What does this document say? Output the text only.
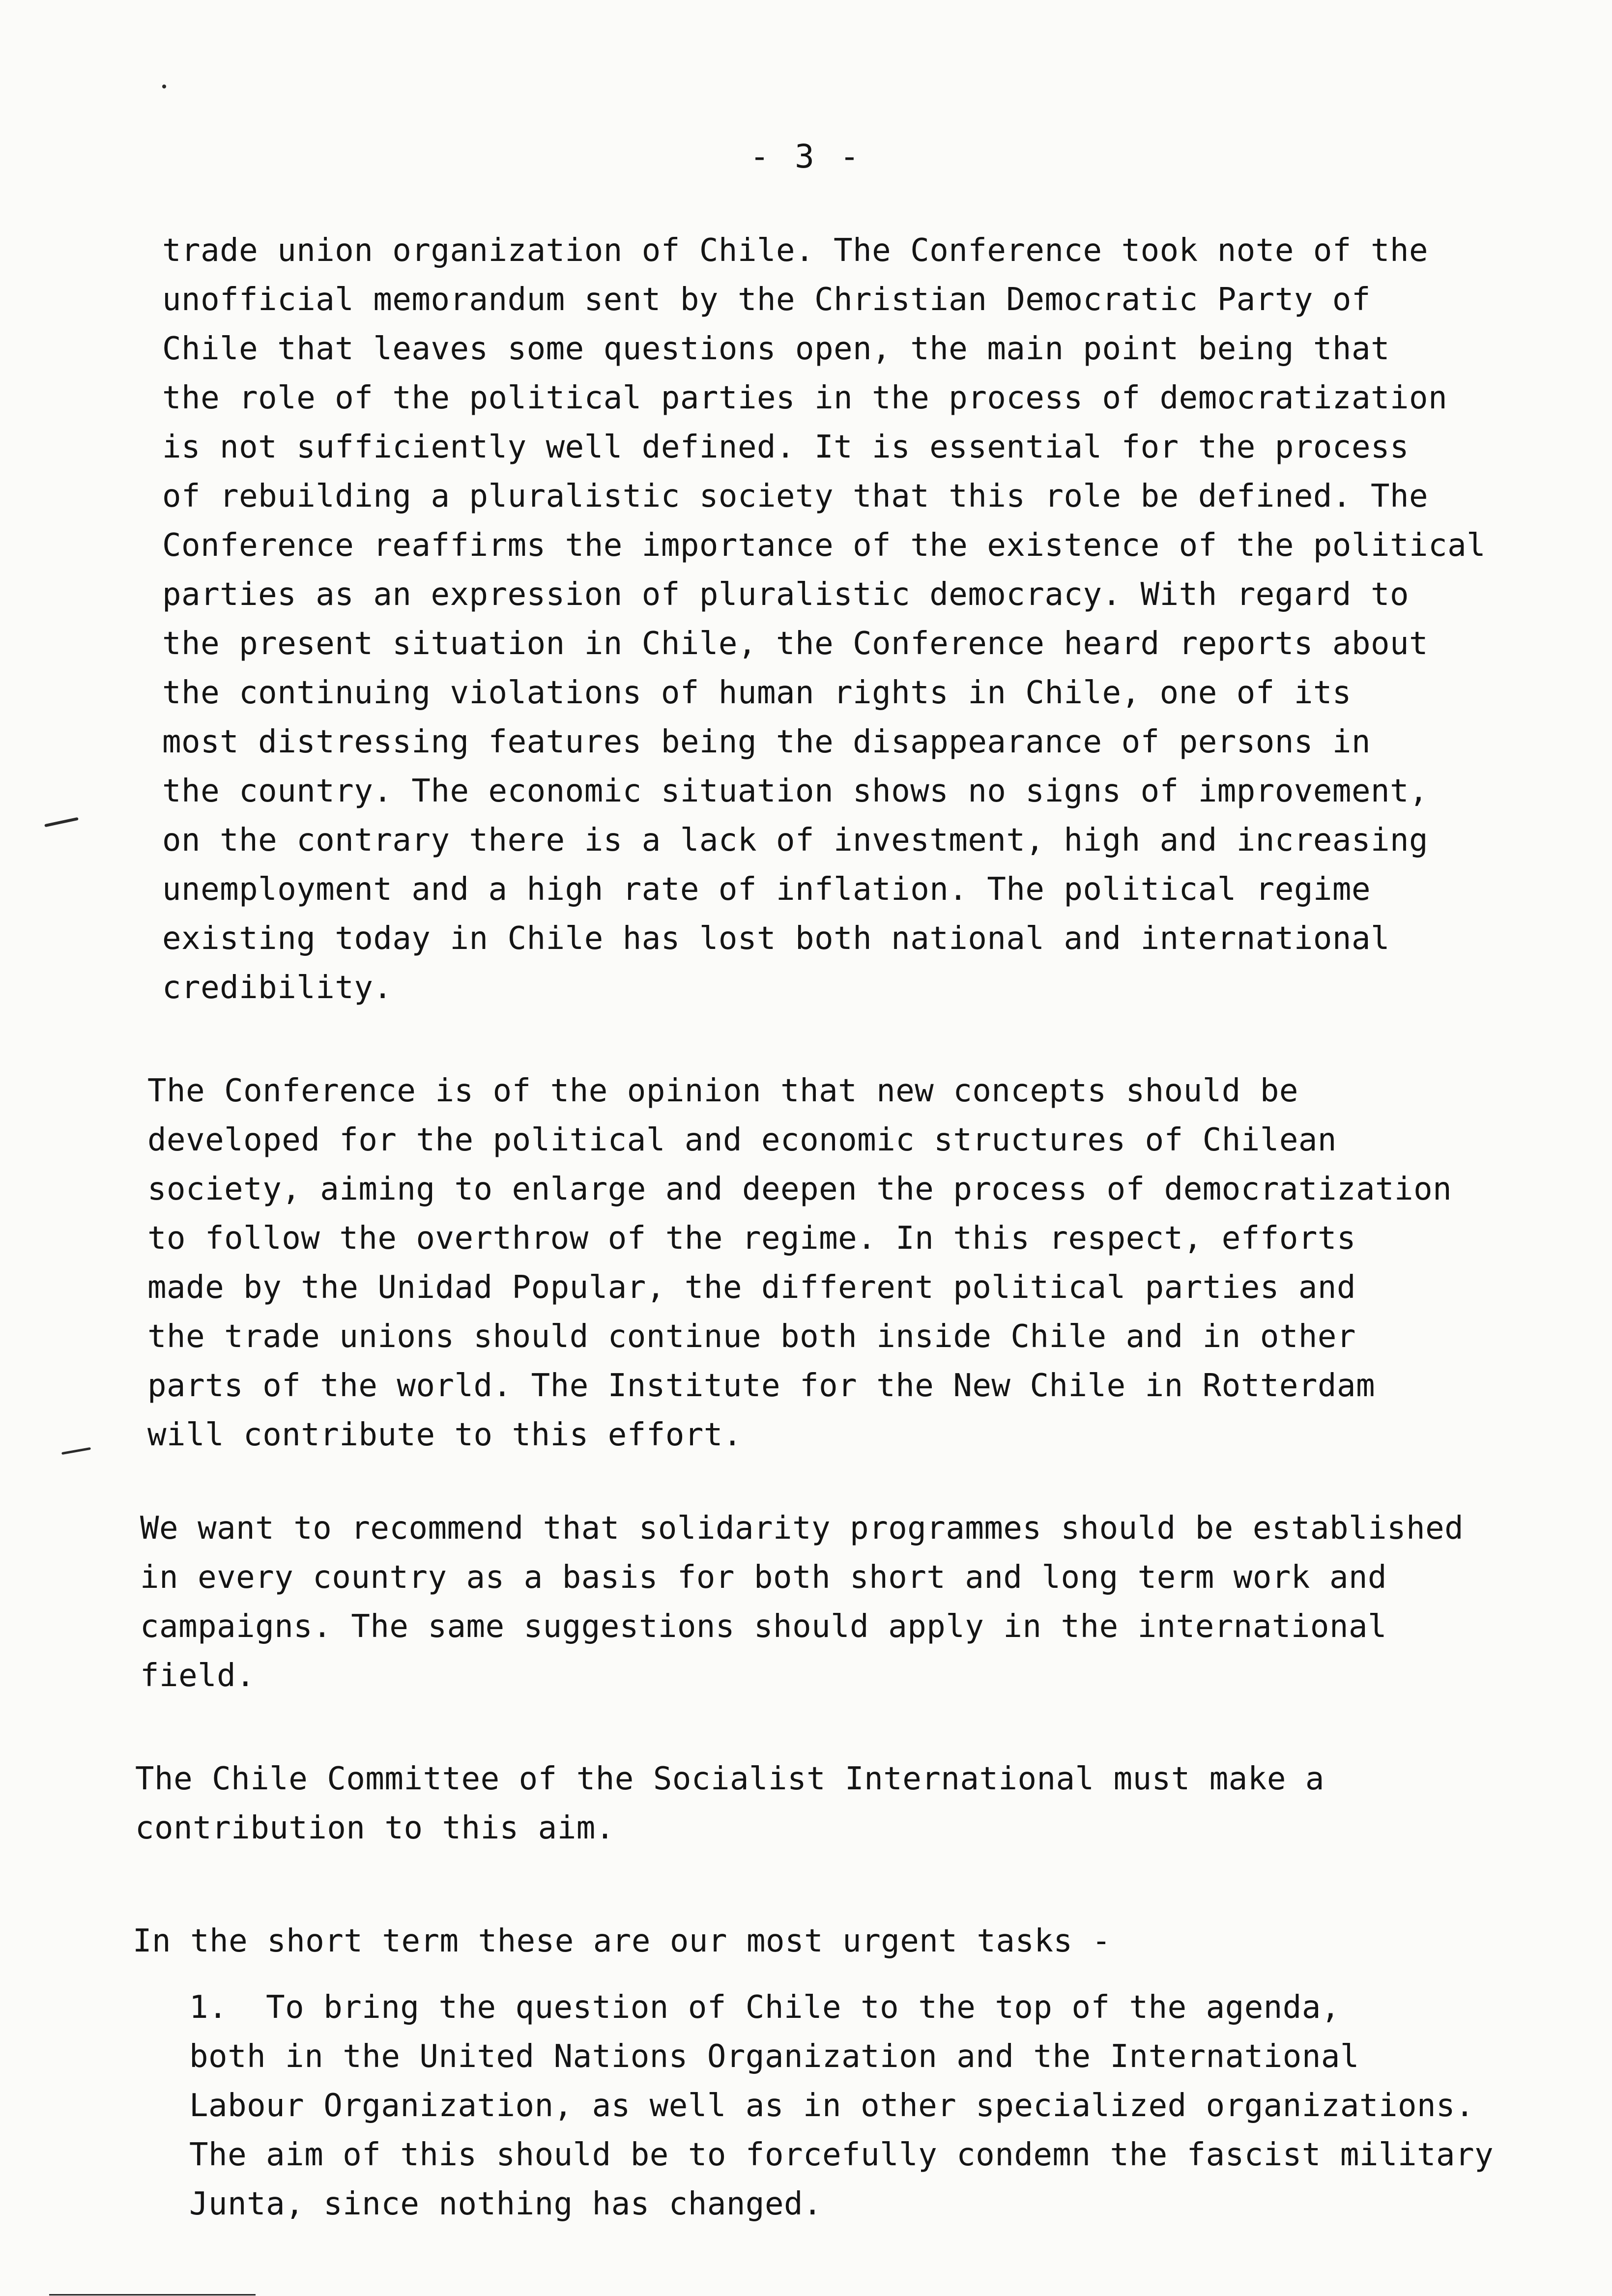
- 3 -
trade union organization of Chile. The Conference took note of the
unofficial memorandum sent by the Christian Democratic Party of
Chile that leaves some questions open, the main point being that
the role of the political parties in the process of democratization
is not sufficiently well defined. It is essential for the process
of rebuilding a pluralistic society that this role be defined. The
Conference reaffirms the importance of the existence of the political
parties as an expression of pluralistic democracy. With regard to
the present situation in Chile, the Conference heard reports about
the continuing violations of human rights in Chile, one of its
most distressing features being the disappearance of persons in
the country. The economic situation shows no signs of improvement,
on the contrary there is a lack of investment, high and increasing
unemployment and a high rate of inflation. The political regime
existing today in Chile has lost both national and international
credibility.
The Conference is of the opinion that new concepts should be
developed for the political and economic structures of Chilean
society, aiming to enlarge and deepen the process of democratization
to follow the overthrow of the regime. In this respect, efforts
made by the Unidad Popular, the different political parties and
the trade unions should continue both inside Chile and in other
parts of the world. The Institute for the New Chile in Rotterdam
will contribute to this effort.
We want to recommend that solidarity programmes should be established
in every country as a basis for both short and long term work and
campaigns. The same suggestions should apply in the international
field.
The Chile Committee of the Socialist International must make a
contribution to this aim.
In the short term these are our most urgent tasks -
1. To bring the question of Chile to the top of the agenda,
both in the United Nations Organization and the International
Labour Organization, as well as in other specialized organizations.
The aim of this should be to forcefully condemn the fascist military
Junta, since nothing has changed.
